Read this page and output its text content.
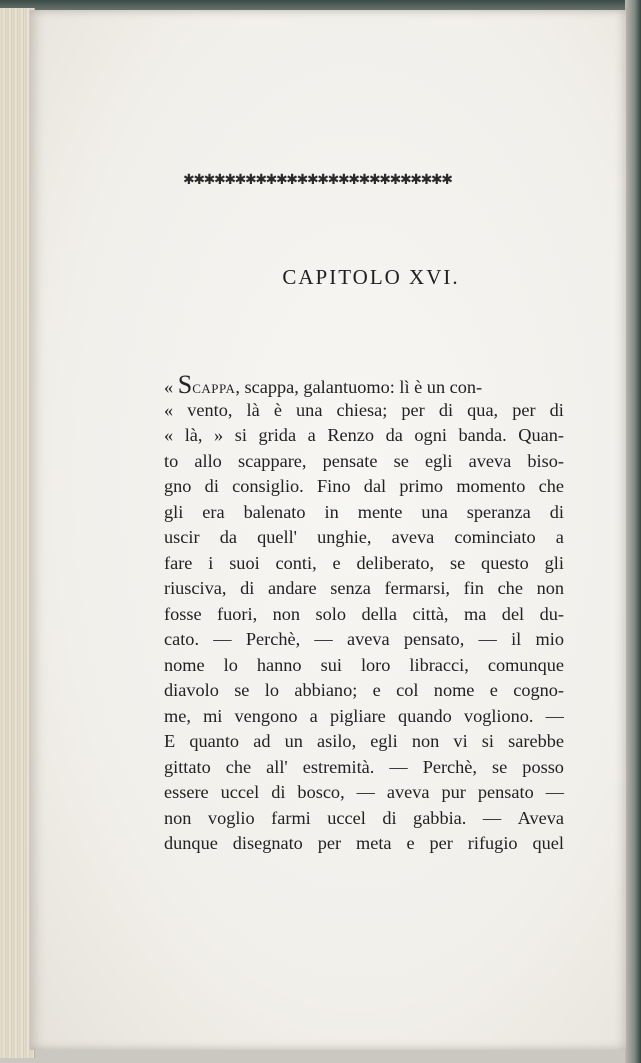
✱✱✱✱✱✱✱✱✱✱✱✱✱✱✱✱✱✱✱✱✱✱✱✱✱✱
CAPITOLO XVI.
« SCAPPA, scappa, galantuomo: lì è un con-
« vento, là è una chiesa; per di qua, per di
« là, » si grida a Renzo da ogni banda. Quan-
to allo scappare, pensate se egli aveva biso-
gno di consiglio. Fino dal primo momento che
gli era balenato in mente una speranza di
uscir da quell' unghie, aveva cominciato a
fare i suoi conti, e deliberato, se questo gli
riusciva, di andare senza fermarsi, fin che non
fosse fuori, non solo della città, ma del du-
cato. — Perchè, — aveva pensato, — il mio
nome lo hanno sui loro libracci, comunque
diavolo se lo abbiano; e col nome e cogno-
me, mi vengono a pigliare quando vogliono. —
E quanto ad un asilo, egli non vi si sarebbe
gittato che all' estremità. — Perchè, se posso
essere uccel di bosco, — aveva pur pensato —
non voglio farmi uccel di gabbia. — Aveva
dunque disegnato per meta e per rifugio quel
